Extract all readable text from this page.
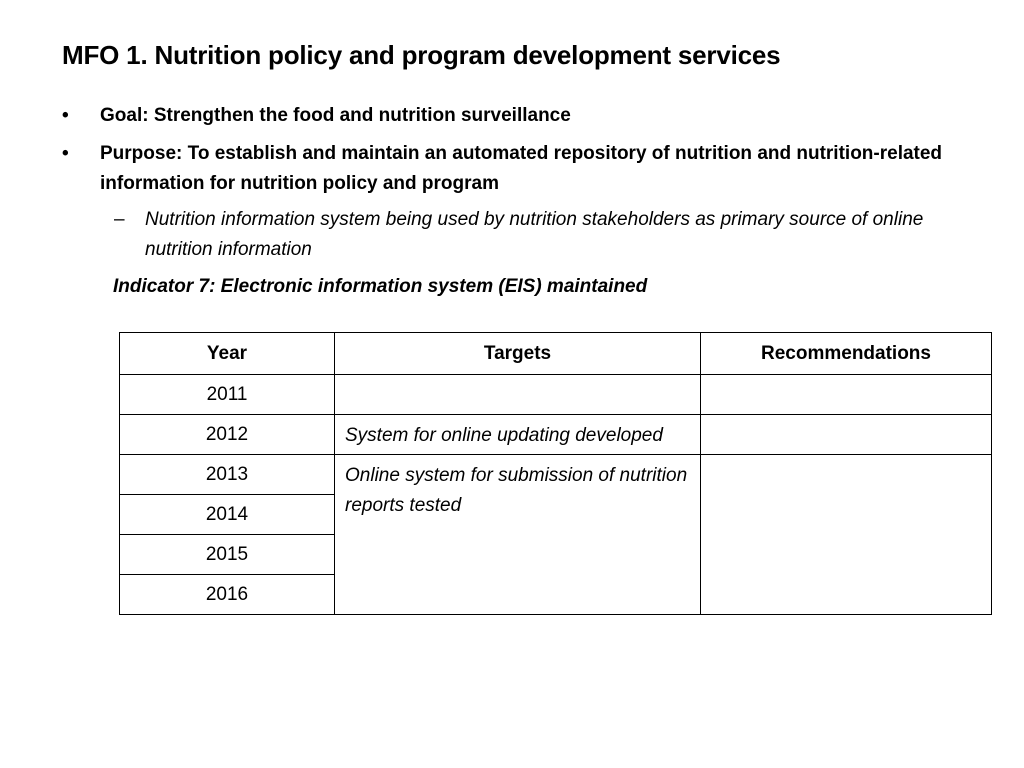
MFO 1. Nutrition policy and program development services
•	Goal: Strengthen the food and nutrition surveillance
•	Purpose: To establish and maintain an automated repository of nutrition and nutrition-related information for nutrition policy and program
– Nutrition information system being used by nutrition stakeholders as primary source of online nutrition information
Indicator 7: Electronic information system (EIS) maintained
Year	Targets	Recommendations
2011		
2012	System for online updating developed	
2013	Online system for submission of nutrition reports tested	
2014		
2015		
2016		
